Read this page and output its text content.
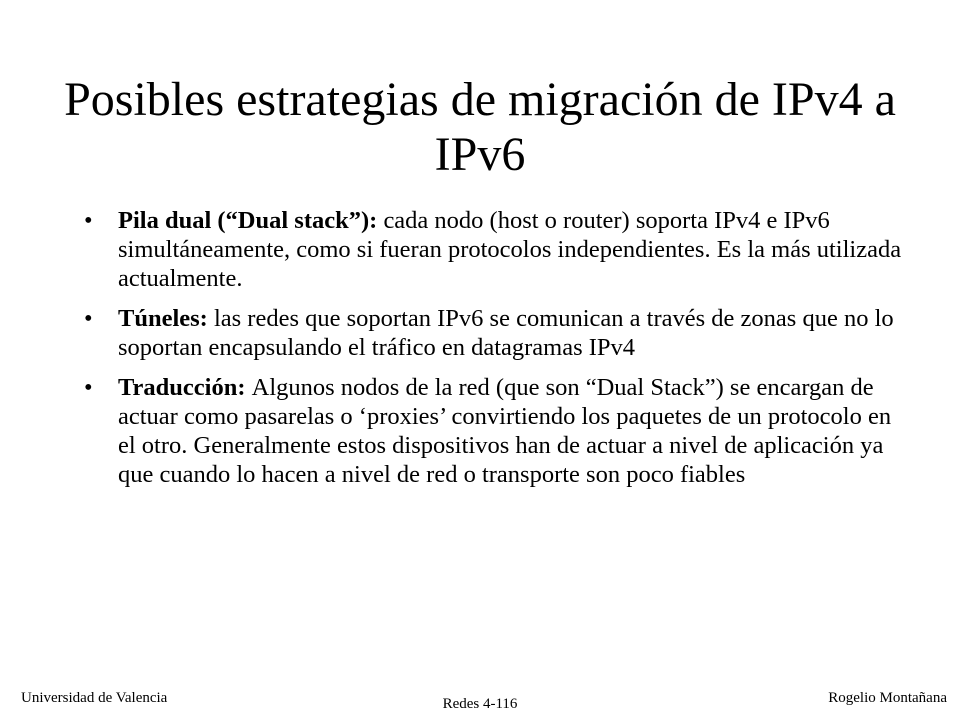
Posibles estrategias de migración de IPv4 a IPv6
• Pila dual (“Dual stack”): cada nodo (host o router) soporta IPv4 e IPv6 simultáneamente, como si fueran protocolos independientes. Es la más utilizada actualmente.
• Túneles: las redes que soportan IPv6 se comunican a través de zonas que no lo soportan encapsulando el tráfico en datagramas IPv4
• Traducción: Algunos nodos de la red (que son “Dual Stack”) se encargan de actuar como pasarelas o ‘proxies’ convirtiendo los paquetes de un protocolo en el otro. Generalmente estos dispositivos han de actuar a nivel de aplicación ya que cuando lo hacen a nivel de red o transporte son poco fiables
Universidad de Valencia	Redes 4-116	Rogelio Montañana
